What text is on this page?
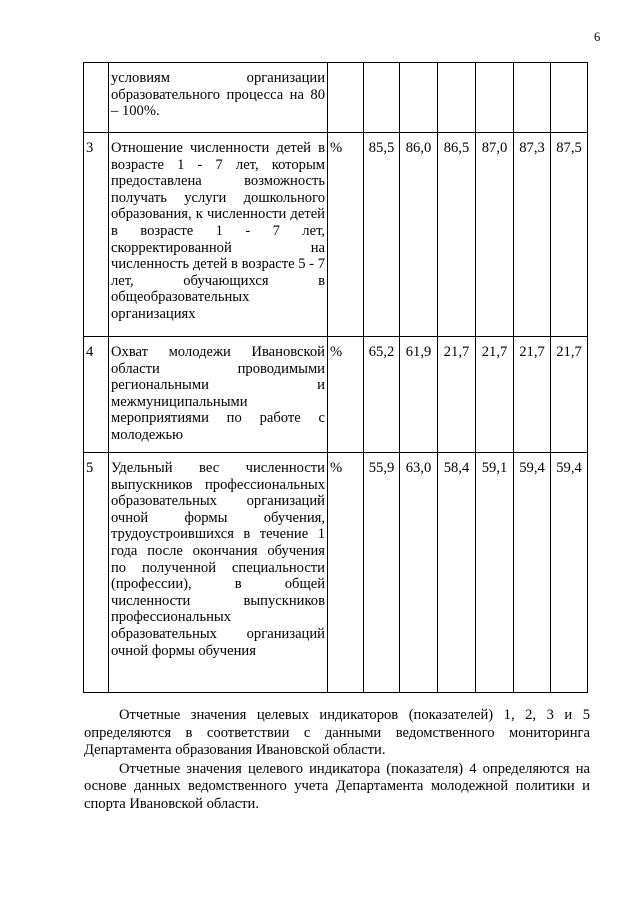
6
	условиям организации образовательного процесса на 80 – 100%.							
3	Отношение численности детей в возрасте 1 - 7 лет, которым предоставлена возможность получать услуги дошкольного образования, к численности детей в возрасте 1 - 7 лет, скорректированной на численность детей в возрасте 5 - 7 лет, обучающихся в общеобразовательных организациях	%	85,5	86,0	86,5	87,0	87,3	87,5
4	Охват молодежи Ивановской области проводимыми региональными и межмуниципальными мероприятиями по работе с молодежью	%	65,2	61,9	21,7	21,7	21,7	21,7
5	Удельный вес численности выпускников профессиональных образовательных организаций очной формы обучения, трудоустроившихся в течение 1 года после окончания обучения по полученной специальности (профессии), в общей численности выпускников профессиональных образовательных организаций очной формы обучения	%	55,9	63,0	58,4	59,1	59,4	59,4

Отчетные значения целевых индикаторов (показателей) 1, 2, 3 и 5 определяются в соответствии с данными ведомственного мониторинга Департамента образования Ивановской области.

Отчетные значения целевого индикатора (показателя) 4 определяются на основе данных ведомственного учета Департамента молодежной политики и спорта Ивановской области.
